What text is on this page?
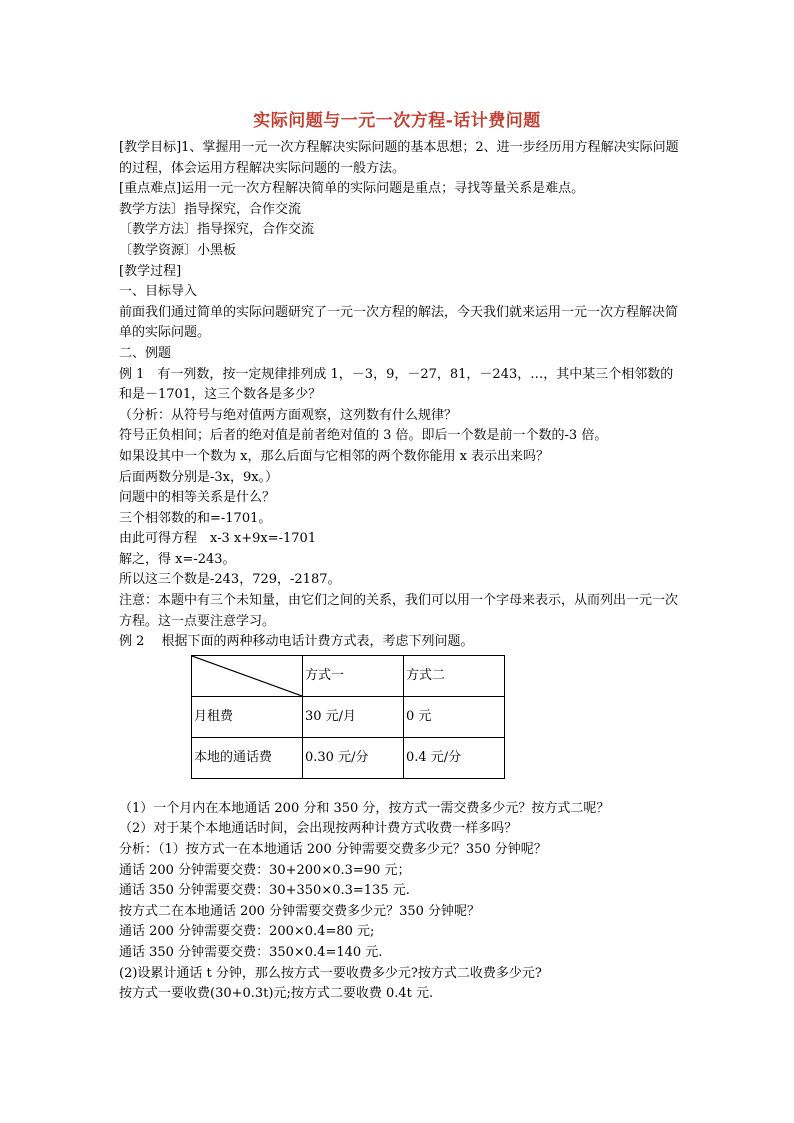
实际问题与一元一次方程-话计费问题

[教学目标]1、掌握用一元一次方程解决实际问题的基本思想；2、进一步经历用方程解决实际问题的过程，体会运用方程解决实际问题的一般方法。

[重点难点]运用一元一次方程解决简单的实际问题是重点；寻找等量关系是难点。

教学方法〕指导探究，合作交流

〔教学方法〕指导探究，合作交流

〔教学资源〕小黑板

[教学过程]

一、目标导入

前面我们通过简单的实际问题研究了一元一次方程的解法，今天我们就来运用一元一次方程解决简单的实际问题。

二、例题

例 1　有一列数，按一定规律排列成 1，－3，9，－27，81，－243，…，其中某三个相邻数的和是－1701，这三个数各是多少？

（分析：从符号与绝对值两方面观察，这列数有什么规律？

符号正负相间；后者的绝对值是前者绝对值的 3 倍。即后一个数是前一个数的-3 倍。

如果设其中一个数为 x，那么后面与它相邻的两个数你能用 x 表示出来吗？

后面两数分别是-3x，9x。）

问题中的相等关系是什么？

三个相邻数的和=-1701。

由此可得方程　x-3 x+9x=-1701

解之，得 x=-243。

所以这三个数是-243，729，-2187。

注意：本题中有三个未知量，由它们之间的关系，我们可以用一个字母来表示，从而列出一元一次方程。这一点要注意学习。

例 2　 根据下面的两种移动电话计费方式表，考虑下列问题。

	方式一	方式二
月租费	30 元/月	0 元
本地的通话费	0.30 元/分	0.4 元/分

（1）一个月内在本地通话 200 分和 350 分，按方式一需交费多少元？按方式二呢？

（2）对于某个本地通话时间，会出现按两种计费方式收费一样多吗？

分析：（1）按方式一在本地通话 200 分钟需要交费多少元？350 分钟呢？

通话 200 分钟需要交费：30+200×0.3=90 元；

通话 350 分钟需要交费：30+350×0.3=135 元.

按方式二在本地通话 200 分钟需要交费多少元？350 分钟呢？

通话 200 分钟需要交费：200×0.4=80 元;

通话 350 分钟需要交费：350×0.4=140 元.

(2)设累计通话 t 分钟，那么按方式一要收费多少元?按方式二收费多少元?

按方式一要收费(30+0.3t)元;按方式二要收费 0.4t 元.
